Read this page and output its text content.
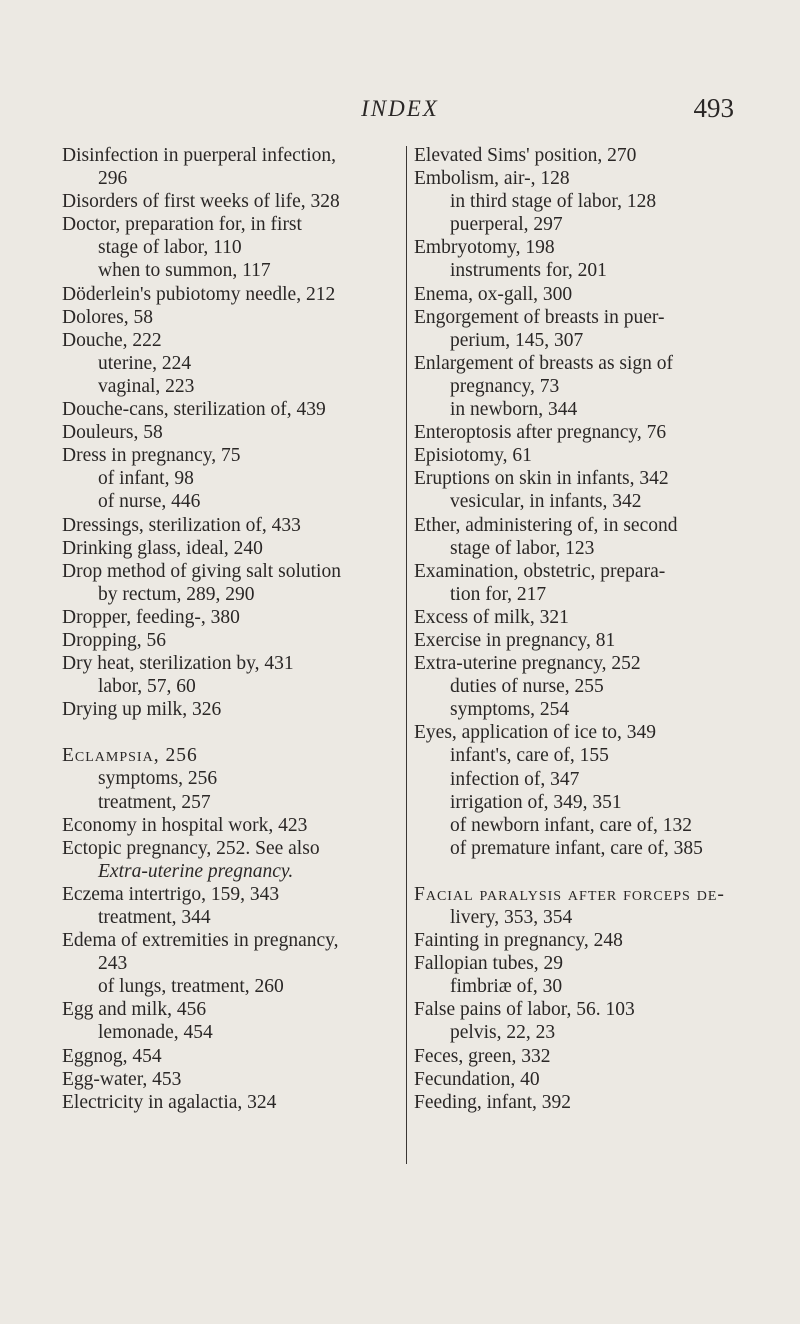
INDEX	493
Disinfection in puerperal infection,
296
Disorders of first weeks of life, 328
Doctor, preparation for, in first
stage of labor, 110
when to summon, 117
Döderlein's pubiotomy needle, 212
Dolores, 58
Douche, 222
uterine, 224
vaginal, 223
Douche-cans, sterilization of, 439
Douleurs, 58
Dress in pregnancy, 75
of infant, 98
of nurse, 446
Dressings, sterilization of, 433
Drinking glass, ideal, 240
Drop method of giving salt solution
by rectum, 289, 290
Dropper, feeding-, 380
Dropping, 56
Dry heat, sterilization by, 431
labor, 57, 60
Drying up milk, 326
Eclampsia, 256
symptoms, 256
treatment, 257
Economy in hospital work, 423
Ectopic pregnancy, 252. See also
Extra-uterine pregnancy.
Eczema intertrigo, 159, 343
treatment, 344
Edema of extremities in pregnancy,
243
of lungs, treatment, 260
Egg and milk, 456
lemonade, 454
Eggnog, 454
Egg-water, 453
Electricity in agalactia, 324
Elevated Sims' position, 270
Embolism, air-, 128
in third stage of labor, 128
puerperal, 297
Embryotomy, 198
instruments for, 201
Enema, ox-gall, 300
Engorgement of breasts in puer-
perium, 145, 307
Enlargement of breasts as sign of
pregnancy, 73
in newborn, 344
Enteroptosis after pregnancy, 76
Episiotomy, 61
Eruptions on skin in infants, 342
vesicular, in infants, 342
Ether, administering of, in second
stage of labor, 123
Examination, obstetric, prepara-
tion for, 217
Excess of milk, 321
Exercise in pregnancy, 81
Extra-uterine pregnancy, 252
duties of nurse, 255
symptoms, 254
Eyes, application of ice to, 349
infant's, care of, 155
infection of, 347
irrigation of, 349, 351
of newborn infant, care of, 132
of premature infant, care of, 385
Facial paralysis after forceps de-
livery, 353, 354
Fainting in pregnancy, 248
Fallopian tubes, 29
fimbriæ of, 30
False pains of labor, 56. 103
pelvis, 22, 23
Feces, green, 332
Fecundation, 40
Feeding, infant, 392
